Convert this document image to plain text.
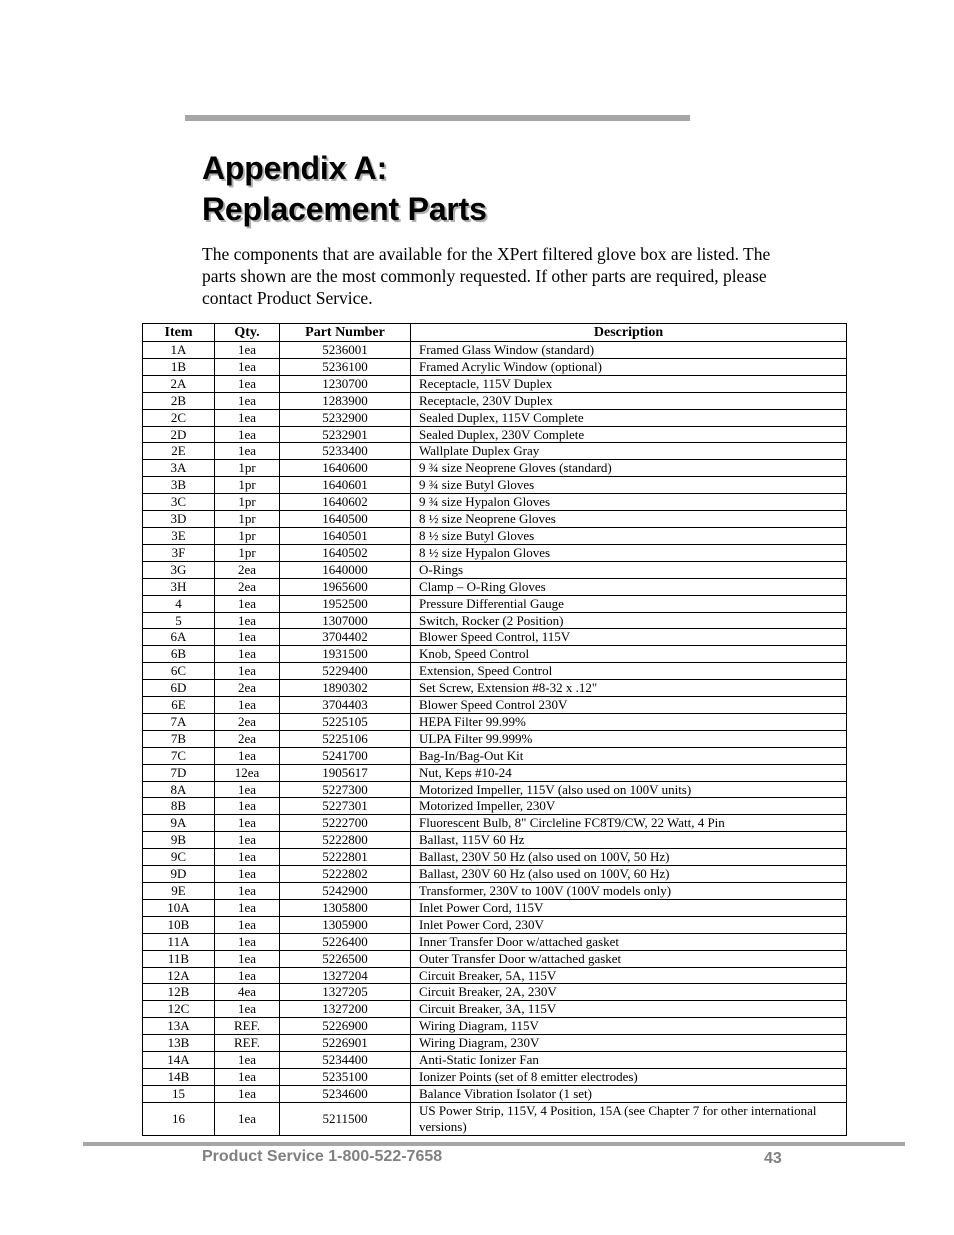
Appendix A:
Replacement Parts

The components that are available for the XPert filtered glove box are listed. The parts shown are the most commonly requested. If other parts are required, please contact Product Service.

Item	Qty.	Part Number	Description
1A	1ea	5236001	Framed Glass Window (standard)
1B	1ea	5236100	Framed Acrylic Window (optional)
2A	1ea	1230700	Receptacle, 115V Duplex
2B	1ea	1283900	Receptacle, 230V Duplex
2C	1ea	5232900	Sealed Duplex, 115V Complete
2D	1ea	5232901	Sealed Duplex, 230V Complete
2E	1ea	5233400	Wallplate Duplex Gray
3A	1pr	1640600	9 ¾ size Neoprene Gloves (standard)
3B	1pr	1640601	9 ¾ size Butyl Gloves
3C	1pr	1640602	9 ¾ size Hypalon Gloves
3D	1pr	1640500	8 ½ size Neoprene Gloves
3E	1pr	1640501	8 ½ size Butyl Gloves
3F	1pr	1640502	8 ½ size Hypalon Gloves
3G	2ea	1640000	O-Rings
3H	2ea	1965600	Clamp – O-Ring Gloves
4	1ea	1952500	Pressure Differential Gauge
5	1ea	1307000	Switch, Rocker (2 Position)
6A	1ea	3704402	Blower Speed Control, 115V
6B	1ea	1931500	Knob, Speed Control
6C	1ea	5229400	Extension, Speed Control
6D	2ea	1890302	Set Screw, Extension #8-32 x .12"
6E	1ea	3704403	Blower Speed Control 230V
7A	2ea	5225105	HEPA Filter 99.99%
7B	2ea	5225106	ULPA Filter 99.999%
7C	1ea	5241700	Bag-In/Bag-Out Kit
7D	12ea	1905617	Nut, Keps #10-24
8A	1ea	5227300	Motorized Impeller, 115V (also used on 100V units)
8B	1ea	5227301	Motorized Impeller, 230V
9A	1ea	5222700	Fluorescent Bulb, 8" Circleline FC8T9/CW, 22 Watt, 4 Pin
9B	1ea	5222800	Ballast, 115V 60 Hz
9C	1ea	5222801	Ballast, 230V 50 Hz (also used on 100V, 50 Hz)
9D	1ea	5222802	Ballast, 230V 60 Hz (also used on 100V, 60 Hz)
9E	1ea	5242900	Transformer, 230V to 100V (100V models only)
10A	1ea	1305800	Inlet Power Cord, 115V
10B	1ea	1305900	Inlet Power Cord, 230V
11A	1ea	5226400	Inner Transfer Door w/attached gasket
11B	1ea	5226500	Outer Transfer Door w/attached gasket
12A	1ea	1327204	Circuit Breaker, 5A, 115V
12B	4ea	1327205	Circuit Breaker, 2A, 230V
12C	1ea	1327200	Circuit Breaker, 3A, 115V
13A	REF.	5226900	Wiring Diagram, 115V
13B	REF.	5226901	Wiring Diagram, 230V
14A	1ea	5234400	Anti-Static Ionizer Fan
14B	1ea	5235100	Ionizer Points (set of 8 emitter electrodes)
15	1ea	5234600	Balance Vibration Isolator (1 set)
16	1ea	5211500	US Power Strip, 115V, 4 Position, 15A (see Chapter 7 for other international versions)
Product Service 1-800-522-7658	43
